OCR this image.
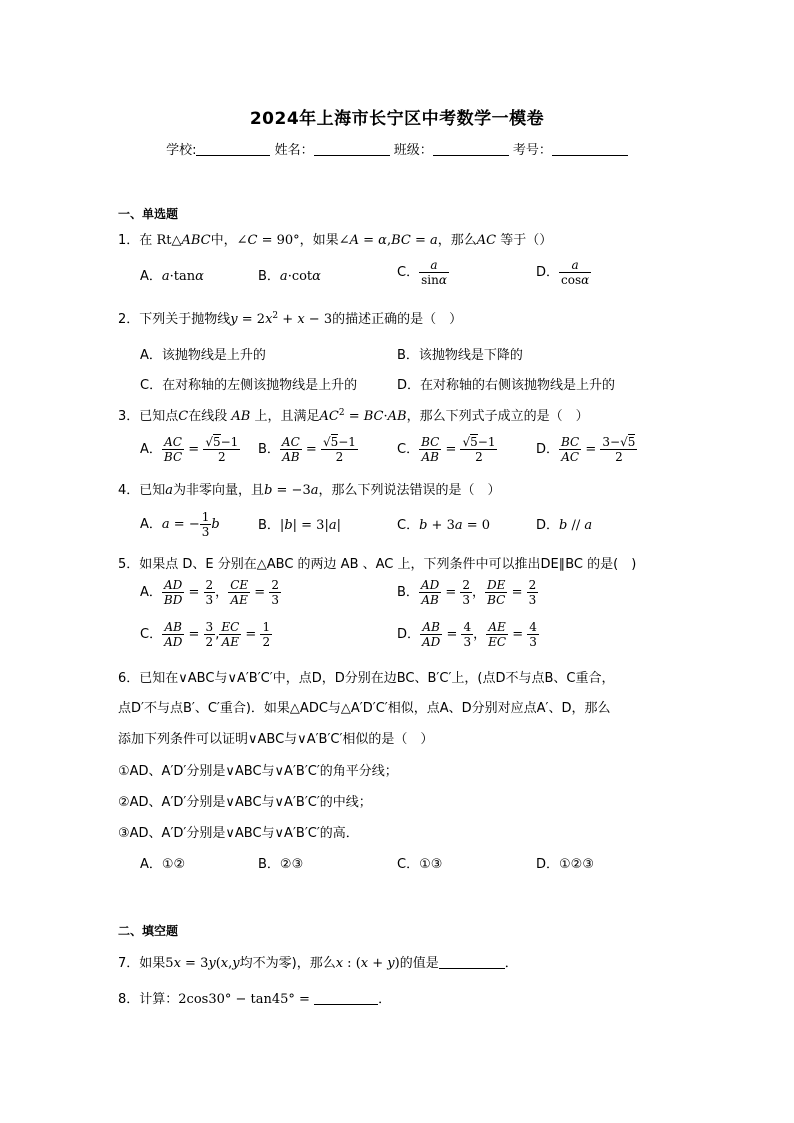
2024年上海市长宁区中考数学一模卷
学校:	姓名：	班级：	考号：
一、单选题
1．在 Rt△ABC中，∠C = 90°，如果∠A = α,BC = a，那么AC 等于（）
A．a·tanα	B．a·cotα	C． $\frac{a}{\sin\alpha}$	D． $\frac{a}{\cos\alpha}$
2．下列关于抛物线$y = 2x^2 + x - 3$的描述正确的是（　）
A．该抛物线是上升的	B．该抛物线是下降的
C．在对称轴的左侧该抛物线是上升的	D．在对称轴的右侧该抛物线是上升的
3．已知点C在线段 AB 上，且满足$AC^2 = BC\cdot AB$，那么下列式子成立的是（　）
A． $\frac{AC}{BC} = \frac{√5-1}{2}$ B． $\frac{AC}{AB} = \frac{√5-1}{2}$	C． $\frac{BC}{AB} = \frac{√5-1}{2}$	D． $\frac{BC}{AC} = \frac{3-√5}{2}$
4．已知a为非零向量，且b = −3a，那么下列说法错误的是（　）
A．a = − $\frac{1}{3}$ b	B．|b| = 3|a|	C．b + 3a = 0	D．b // a
5．如果点 D、E 分别在△ABC 的两边 AB 、AC 上，下列条件中可以推出DE∥BC 的是(　)
A． $\frac{AD}{BD} = \frac{2}{3}$ ， $\frac{CE}{AE} = \frac{2}{3}$	B． $\frac{AD}{AB} = \frac{2}{3}$ ， $\frac{DE}{BC} = \frac{2}{3}$
C． $\frac{AB}{AD} = \frac{3}{2}$ , $\frac{EC}{AE} = \frac{1}{2}$	D． $\frac{AB}{AD} = \frac{4}{3}$ ， $\frac{AE}{EC} = \frac{4}{3}$
6．已知在∨ABC与∨A′B′C′中，点D，D分别在边BC、B′C′上，(点D不与点B、C重合，
点D′不与点B′、C′重合)．如果△ADC与△A′D′C′相似，点A、D分别对应点A′、D，那么
添加下列条件可以证明∨ABC与∨A′B′C′相似的是（　）
①AD、A′D′分别是∨ABC与∨A′B′C′的角平分线；
②AD、A′D′分别是∨ABC与∨A′B′C′的中线；
③AD、A′D′分别是∨ABC与∨A′B′C′的高．
A．①②	B．②③	C．①③	D．①②③
二、填空题
7．如果5x = 3y(x,y均不为零)，那么x : (x + y)的值是	．
8．计算：2cos30° − tan45° =	．
